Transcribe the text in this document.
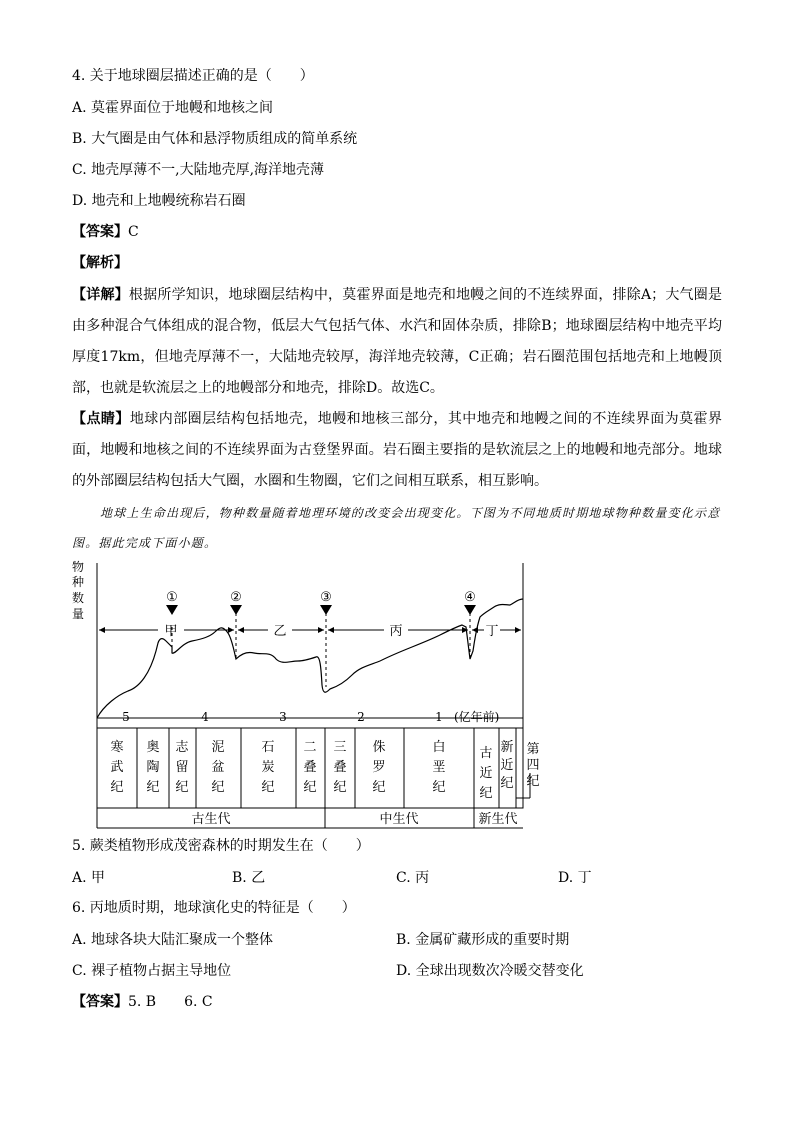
4. 关于地球圈层描述正确的是（　　）
A. 莫霍界面位于地幔和地核之间
B. 大气圈是由气体和悬浮物质组成的简单系统
C. 地壳厚薄不一,大陆地壳厚,海洋地壳薄
D. 地壳和上地幔统称岩石圈
【答案】C
【解析】
【详解】根据所学知识，地球圈层结构中，莫霍界面是地壳和地幔之间的不连续界面，排除A；大气圈是由多种混合气体组成的混合物，低层大气包括气体、水汽和固体杂质，排除B；地球圈层结构中地壳平均厚度17km，但地壳厚薄不一，大陆地壳较厚，海洋地壳较薄，C正确；岩石圈范围包括地壳和上地幔顶部，也就是软流层之上的地幔部分和地壳，排除D。故选C。
【点睛】地球内部圈层结构包括地壳，地幔和地核三部分，其中地壳和地幔之间的不连续界面为莫霍界面，地幔和地核之间的不连续界面为古登堡界面。岩石圈主要指的是软流层之上的地幔和地壳部分。地球的外部圈层结构包括大气圈，水圈和生物圈，它们之间相互联系，相互影响。
地球上生命出现后，物种数量随着地理环境的改变会出现变化。下图为不同地质时期地球物种数量变化示意图。据此完成下面小题。
物
种
数
量
①	②	③	④
甲	乙	丙	丁
5	4	3	2	1 (亿年前)
寒
武
纪
奥
陶
纪
志
留
纪
泥
盆
纪
石
炭
纪
二
叠
纪
三
叠
纪
侏
罗
纪
白
垩
纪
古
近
纪
新
近
纪
第
四
纪
古生代	中生代	新生代
5. 蕨类植物形成茂密森林的时期发生在（　　）
A. 甲	B. 乙	C. 丙	D. 丁
6. 丙地质时期，地球演化史的特征是（　　）
A. 地球各块大陆汇聚成一个整体	B. 金属矿藏形成的重要时期
C. 裸子植物占据主导地位	D. 全球出现数次冷暖交替变化
【答案】5. B　　6. C
